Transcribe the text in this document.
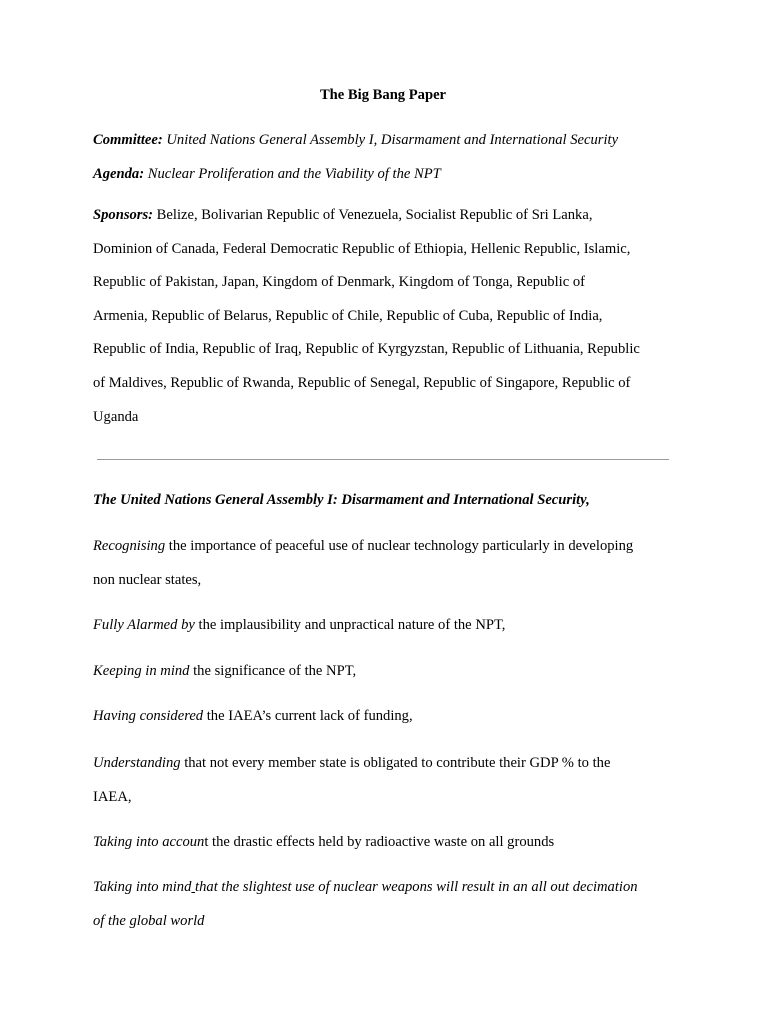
The Big Bang Paper
Committee: United Nations General Assembly I, Disarmament and International Security
Agenda: Nuclear Proliferation and the Viability of the NPT
Sponsors: Belize, Bolivarian Republic of Venezuela, Socialist Republic of Sri Lanka,
Dominion of Canada, Federal Democratic Republic of Ethiopia, Hellenic Republic, Islamic,
Republic of Pakistan, Japan, Kingdom of Denmark, Kingdom of Tonga, Republic of
Armenia, Republic of Belarus, Republic of Chile, Republic of Cuba, Republic of India,
Republic of India, Republic of Iraq, Republic of Kyrgyzstan, Republic of Lithuania, Republic
of Maldives, Republic of Rwanda, Republic of Senegal, Republic of Singapore, Republic of
Uganda
The United Nations General Assembly I: Disarmament and International Security,
Recognising the importance of peaceful use of nuclear technology particularly in developing
non nuclear states,
Fully Alarmed by the implausibility and unpractical nature of the NPT,
Keeping in mind the significance of the NPT,
Having considered the IAEA’s current lack of funding,
Understanding that not every member state is obligated to contribute their GDP % to the
IAEA,
Taking into account the drastic effects held by radioactive waste on all grounds
Taking into mind that the slightest use of nuclear weapons will result in an all out decimation
of the global world
